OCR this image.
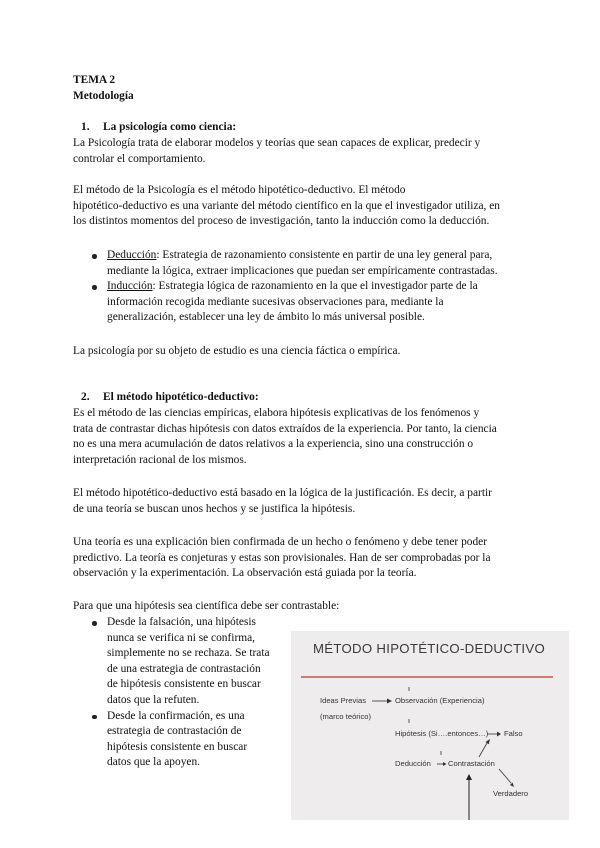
TEMA 2
Metodología
1. La psicología como ciencia:
La Psicología trata de elaborar modelos y teorías que sean capaces de explicar, predecir y
controlar el comportamiento.
El método de la Psicología es el método hipotético-deductivo. El método
hipotético-deductivo es una variante del método científico en la que el investigador utiliza, en
los distintos momentos del proceso de investigación, tanto la inducción como la deducción.
Deducción: Estrategia de razonamiento consistente en partir de una ley general para,
mediante la lógica, extraer implicaciones que puedan ser empíricamente contrastadas.
Inducción: Estrategia lógica de razonamiento en la que el investigador parte de la
información recogida mediante sucesivas observaciones para, mediante la
generalización, establecer una ley de ámbito lo más universal posible.
La psicología por su objeto de estudio es una ciencia fáctica o empírica.
2. El método hipotético-deductivo:
Es el método de las ciencias empíricas, elabora hipótesis explicativas de los fenómenos y
trata de contrastar dichas hipótesis con datos extraídos de la experiencia. Por tanto, la ciencia
no es una mera acumulación de datos relativos a la experiencia, sino una construcción o
interpretación racional de los mismos.
El método hipotético-deductivo está basado en la lógica de la justificación. Es decir, a partir
de una teoría se buscan unos hechos y se justifica la hipótesis.
Una teoría es una explicación bien confirmada de un hecho o fenómeno y debe tener poder
predictivo. La teoría es conjeturas y estas son provisionales. Han de ser comprobadas por la
observación y la experimentación. La observación está guiada por la teoría.
Para que una hipótesis sea científica debe ser contrastable:
Desde la falsación, una hipótesis
nunca se verifica ni se confirma,
simplemente no se rechaza. Se trata
de una estrategia de contrastación
de hipótesis consistente en buscar
datos que la refuten.
Desde la confirmación, es una
estrategia de contrastación de
hipótesis consistente en buscar
datos que la apoyen.
MÉTODO HIPOTÉTICO-DEDUCTIVO
Ideas Previas	Observación (Experiencia)
(marco teórico)
Hipótesis (Si….entonces…) Falso
Deducción Contrastación
Verdadero
